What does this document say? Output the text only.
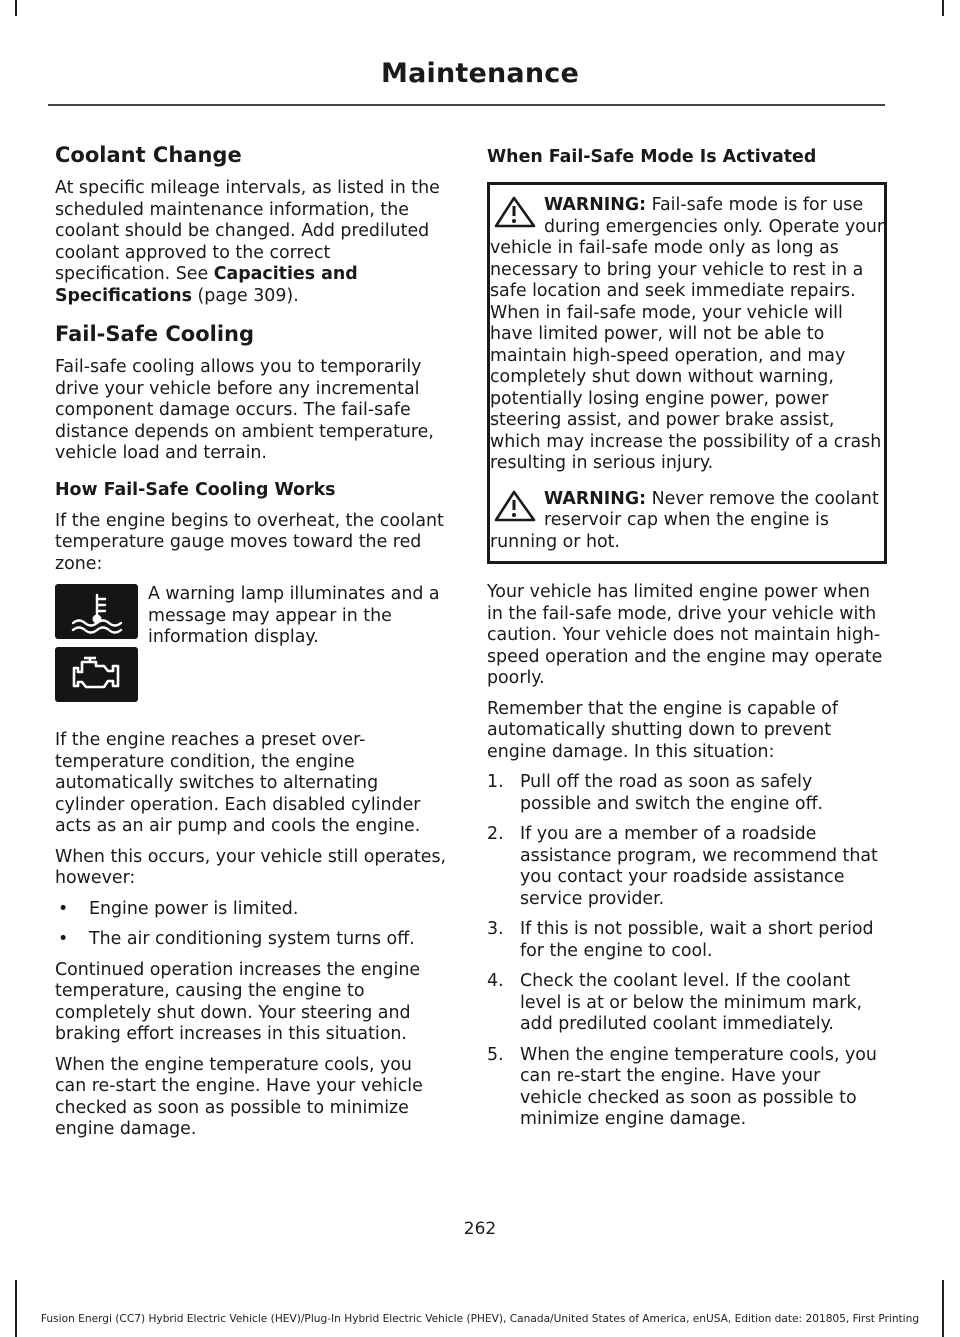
Maintenance
Coolant Change

At specific mileage intervals, as listed in the scheduled maintenance information, the coolant should be changed. Add prediluted coolant approved to the correct specification. See Capacities and Specifications (page 309).

Fail-Safe Cooling

Fail-safe cooling allows you to temporarily drive your vehicle before any incremental component damage occurs. The fail-safe distance depends on ambient temperature, vehicle load and terrain.

How Fail-Safe Cooling Works

If the engine begins to overheat, the coolant temperature gauge moves toward the red zone:

A warning lamp illuminates and a message may appear in the information display.

If the engine reaches a preset over-temperature condition, the engine automatically switches to alternating cylinder operation. Each disabled cylinder acts as an air pump and cools the engine.

When this occurs, your vehicle still operates, however:

• Engine power is limited.
• The air conditioning system turns off.

Continued operation increases the engine temperature, causing the engine to completely shut down. Your steering and braking effort increases in this situation.

When the engine temperature cools, you can re-start the engine. Have your vehicle checked as soon as possible to minimize engine damage.

When Fail-Safe Mode Is Activated
WARNING: Fail-safe mode is for use during emergencies only. Operate your vehicle in fail-safe mode only as long as necessary to bring your vehicle to rest in a safe location and seek immediate repairs. When in fail-safe mode, your vehicle will have limited power, will not be able to maintain high-speed operation, and may completely shut down without warning, potentially losing engine power, power steering assist, and power brake assist, which may increase the possibility of a crash resulting in serious injury.
WARNING: Never remove the coolant reservoir cap when the engine is running or hot.

Your vehicle has limited engine power when in the fail-safe mode, drive your vehicle with caution. Your vehicle does not maintain high-speed operation and the engine may operate poorly.

Remember that the engine is capable of automatically shutting down to prevent engine damage. In this situation:

1. Pull off the road as soon as safely possible and switch the engine off.
2. If you are a member of a roadside assistance program, we recommend that you contact your roadside assistance service provider.
3. If this is not possible, wait a short period for the engine to cool.
4. Check the coolant level. If the coolant level is at or below the minimum mark, add prediluted coolant immediately.
5. When the engine temperature cools, you can re-start the engine. Have your vehicle checked as soon as possible to minimize engine damage.
262
Fusion Energi (CC7) Hybrid Electric Vehicle (HEV)/Plug-In Hybrid Electric Vehicle (PHEV), Canada/United States of America, enUSA, Edition date: 201805, First Printing
